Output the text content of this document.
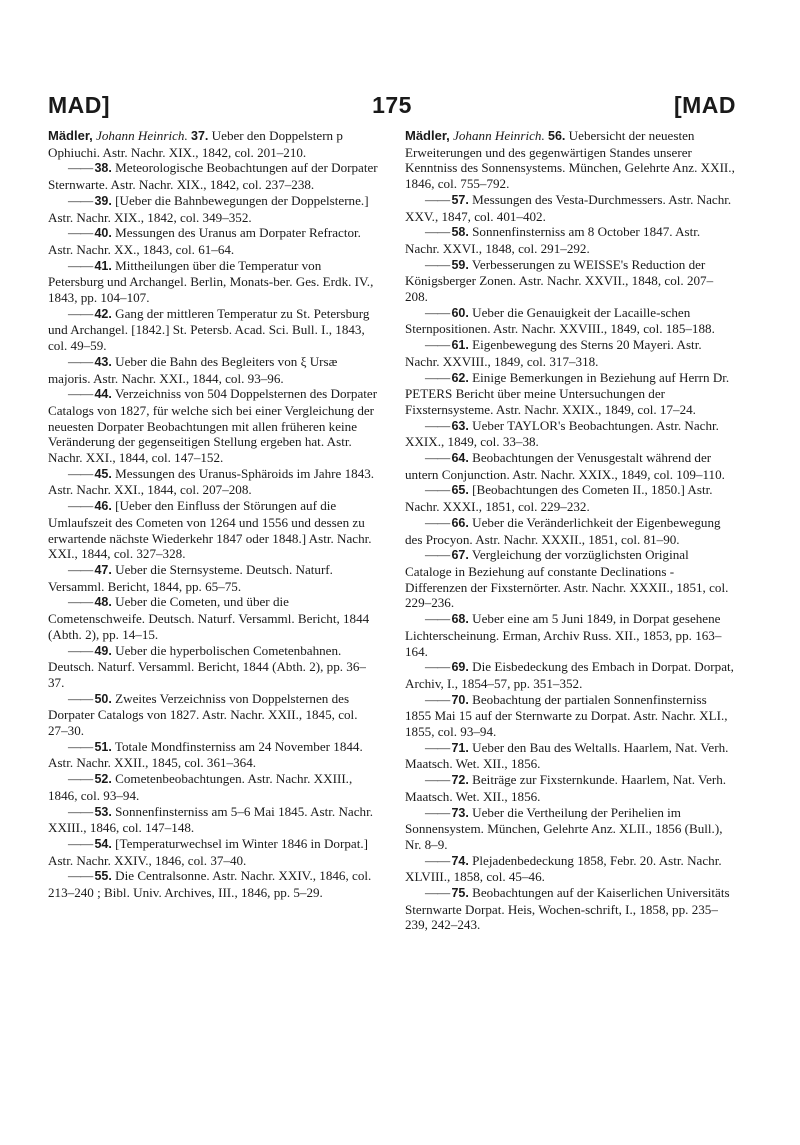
MAD]	175	[MAD

Mädler, Johann Heinrich. 37. Ueber den Doppelstern p Ophiuchi. Astr. Nachr. XIX., 1842, col. 201–210.

—— 38. Meteorologische Beobachtungen auf der Dorpater Sternwarte. Astr. Nachr. XIX., 1842, col. 237–238.

—— 39. [Ueber die Bahnbewegungen der Doppelsterne.] Astr. Nachr. XIX., 1842, col. 349–352.

—— 40. Messungen des Uranus am Dorpater Refractor. Astr. Nachr. XX., 1843, col. 61–64.

—— 41. Mittheilungen über die Temperatur von Petersburg und Archangel. Berlin, Monats-ber. Ges. Erdk. IV., 1843, pp. 104–107.

—— 42. Gang der mittleren Temperatur zu St. Petersburg und Archangel. [1842.] St. Petersb. Acad. Sci. Bull. I., 1843, col. 49–59.

—— 43. Ueber die Bahn des Begleiters von ξ Ursæ majoris. Astr. Nachr. XXI., 1844, col. 93–96.

—— 44. Verzeichniss von 504 Doppelsternen des Dorpater Catalogs von 1827, für welche sich bei einer Vergleichung der neuesten Dorpater Beobachtungen mit allen früheren keine Veränderung der gegenseitigen Stellung ergeben hat. Astr. Nachr. XXI., 1844, col. 147–152.

—— 45. Messungen des Uranus-Sphäroids im Jahre 1843. Astr. Nachr. XXI., 1844, col. 207–208.

—— 46. [Ueber den Einfluss der Störungen auf die Umlaufszeit des Cometen von 1264 und 1556 und dessen zu erwartende nächste Wiederkehr 1847 oder 1848.] Astr. Nachr. XXI., 1844, col. 327–328.

—— 47. Ueber die Sternsysteme. Deutsch. Naturf. Versamml. Bericht, 1844, pp. 65–75.

—— 48. Ueber die Cometen, und über die Cometenschweife. Deutsch. Naturf. Versamml. Bericht, 1844 (Abth. 2), pp. 14–15.

—— 49. Ueber die hyperbolischen Cometenbahnen. Deutsch. Naturf. Versamml. Bericht, 1844 (Abth. 2), pp. 36–37.

—— 50. Zweites Verzeichniss von Doppelsternen des Dorpater Catalogs von 1827. Astr. Nachr. XXII., 1845, col. 27–30.

—— 51. Totale Mondfinsterniss am 24 November 1844. Astr. Nachr. XXII., 1845, col. 361–364.

—— 52. Cometenbeobachtungen. Astr. Nachr. XXIII., 1846, col. 93–94.

—— 53. Sonnenfinsterniss am 5–6 Mai 1845. Astr. Nachr. XXIII., 1846, col. 147–148.

—— 54. [Temperaturwechsel im Winter 1846 in Dorpat.] Astr. Nachr. XXIV., 1846, col. 37–40.

—— 55. Die Centralsonne. Astr. Nachr. XXIV., 1846, col. 213–240 ; Bibl. Univ. Archives, III., 1846, pp. 5–29.

Mädler, Johann Heinrich. 56. Uebersicht der neuesten Erweiterungen und des gegenwärtigen Standes unserer Kenntniss des Sonnensystems. München, Gelehrte Anz. XXII., 1846, col. 755–792.

—— 57. Messungen des Vesta-Durchmessers. Astr. Nachr. XXV., 1847, col. 401–402.

—— 58. Sonnenfinsterniss am 8 October 1847. Astr. Nachr. XXVI., 1848, col. 291–292.

—— 59. Verbesserungen zu WEISSE's Reduction der Königsberger Zonen. Astr. Nachr. XXVII., 1848, col. 207–208.

—— 60. Ueber die Genauigkeit der Lacaille-schen Sternpositionen. Astr. Nachr. XXVIII., 1849, col. 185–188.

—— 61. Eigenbewegung des Sterns 20 Mayeri. Astr. Nachr. XXVIII., 1849, col. 317–318.

—— 62. Einige Bemerkungen in Beziehung auf Herrn Dr. PETERS Bericht über meine Untersuchungen der Fixsternsysteme. Astr. Nachr. XXIX., 1849, col. 17–24.

—— 63. Ueber TAYLOR's Beobachtungen. Astr. Nachr. XXIX., 1849, col. 33–38.

—— 64. Beobachtungen der Venusgestalt während der untern Conjunction. Astr. Nachr. XXIX., 1849, col. 109–110.

—— 65. [Beobachtungen des Cometen II., 1850.] Astr. Nachr. XXXI., 1851, col. 229–232.

—— 66. Ueber die Veränderlichkeit der Eigenbewegung des Procyon. Astr. Nachr. XXXII., 1851, col. 81–90.

—— 67. Vergleichung der vorzüglichsten Original Cataloge in Beziehung auf constante Declinations - Differenzen der Fixsternörter. Astr. Nachr. XXXII., 1851, col. 229–236.

—— 68. Ueber eine am 5 Juni 1849, in Dorpat gesehene Lichterscheinung. Erman, Archiv Russ. XII., 1853, pp. 163–164.

—— 69. Die Eisbedeckung des Embach in Dorpat. Dorpat, Archiv, I., 1854–57, pp. 351–352.

—— 70. Beobachtung der partialen Sonnenfinsterniss 1855 Mai 15 auf der Sternwarte zu Dorpat. Astr. Nachr. XLI., 1855, col. 93–94.

—— 71. Ueber den Bau des Weltalls. Haarlem, Nat. Verh. Maatsch. Wet. XII., 1856.

—— 72. Beiträge zur Fixsternkunde. Haarlem, Nat. Verh. Maatsch. Wet. XII., 1856.

—— 73. Ueber die Vertheilung der Perihelien im Sonnensystem. München, Gelehrte Anz. XLII., 1856 (Bull.), Nr. 8–9.

—— 74. Plejadenbedeckung 1858, Febr. 20. Astr. Nachr. XLVIII., 1858, col. 45–46.

—— 75. Beobachtungen auf der Kaiserlichen Universitäts Sternwarte Dorpat. Heis, Wochen-schrift, I., 1858, pp. 235–239, 242–243.
